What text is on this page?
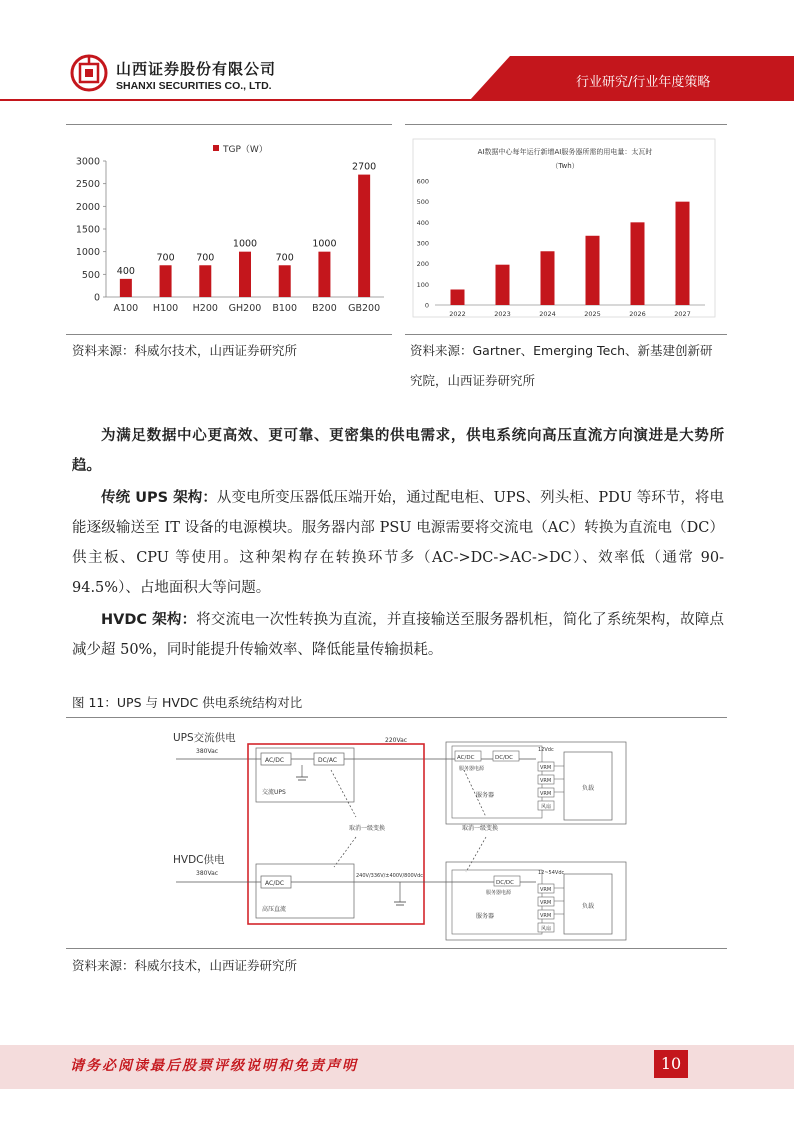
山西证券股份有限公司
SHANXI SECURITIES CO., LTD.	行业研究/行业年度策略
TGP（W）
0
500
1000
1500
2000
2500
3000
400
A100
700
H100
700
H200
1000
GH200
700
B100
1000
B200
2700
GB200
AI数据中心每年运行新增AI服务器所需的用电量：太瓦时
（Twh）
0
100
200
300
400
500
600
2022	2023	2024	2025	2026	2027
资料来源：科威尔技术，山西证券研究所	资料来源：Gartner、Emerging Tech、新基建创新研
究院，山西证券研究所
为满足数据中心更高效、更可靠、更密集的供电需求，供电系统向高压直流方向演进是大势所趋。
传统 UPS 架构：从变电所变压器低压端开始，通过配电柜、UPS、列头柜、PDU 等环节，将电能逐级输送至 IT 设备的电源模块。服务器内部 PSU 电源需要将交流电（AC）转换为直流电（DC）供主板、CPU 等使用。这种架构存在转换环节多（AC->DC->AC->DC）、效率低（通常 90-94.5%）、占地面积大等问题。
HVDC 架构：将交流电一次性转换为直流，并直接输送至服务器机柜，简化了系统架构，故障点减少超 50%，同时能提升传输效率、降低能量传输损耗。
图 11：UPS 与 HVDC 供电系统结构对比
UPS交流供电
380Vac
220Vac
AC/DC	DC/AC
交流UPS
取消一级变换	取消一级变换
AC/DC	DC/DC
服务器电源
服务器
12Vdc
VRM
VRM
VRM
风扇
负载
HVDC供电
380Vac
AC/DC
高压直流
240V/336V/±400V/800Vdc
DC/DC
服务器电源
服务器
12~54Vdc
VRM
VRM
VRM
风扇
负载
资料来源：科威尔技术，山西证券研究所
请务必阅读最后股票评级说明和免责声明	10
